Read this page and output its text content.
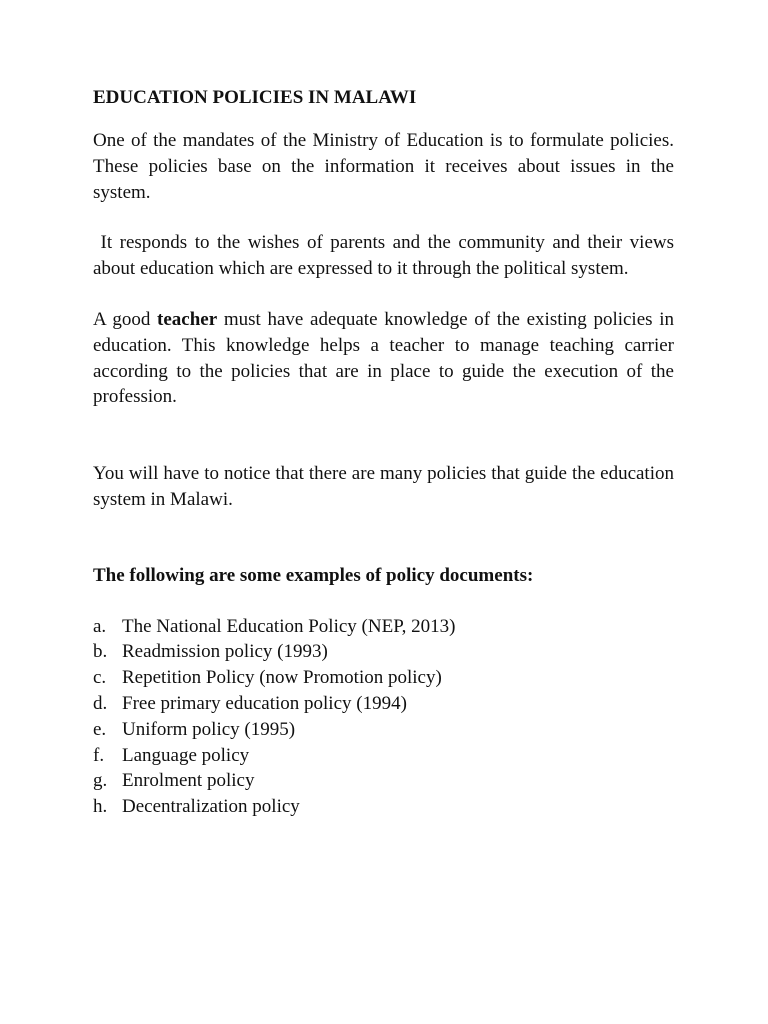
EDUCATION POLICIES IN MALAWI

One of the mandates of the Ministry of Education is to formulate policies. These policies base on the information it receives about issues in the system.

It responds to the wishes of parents and the community and their views about education which are expressed to it through the political system.

A good teacher must have adequate knowledge of the existing policies in education. This knowledge helps a teacher to manage teaching carrier according to the policies that are in place to guide the execution of the profession.

You will have to notice that there are many policies that guide the education system in Malawi.

The following are some examples of policy documents:

a. The National Education Policy (NEP, 2013)
b. Readmission policy (1993)
c. Repetition Policy (now Promotion policy)
d. Free primary education policy (1994)
e. Uniform policy (1995)
f. Language policy
g. Enrolment policy
h. Decentralization policy
